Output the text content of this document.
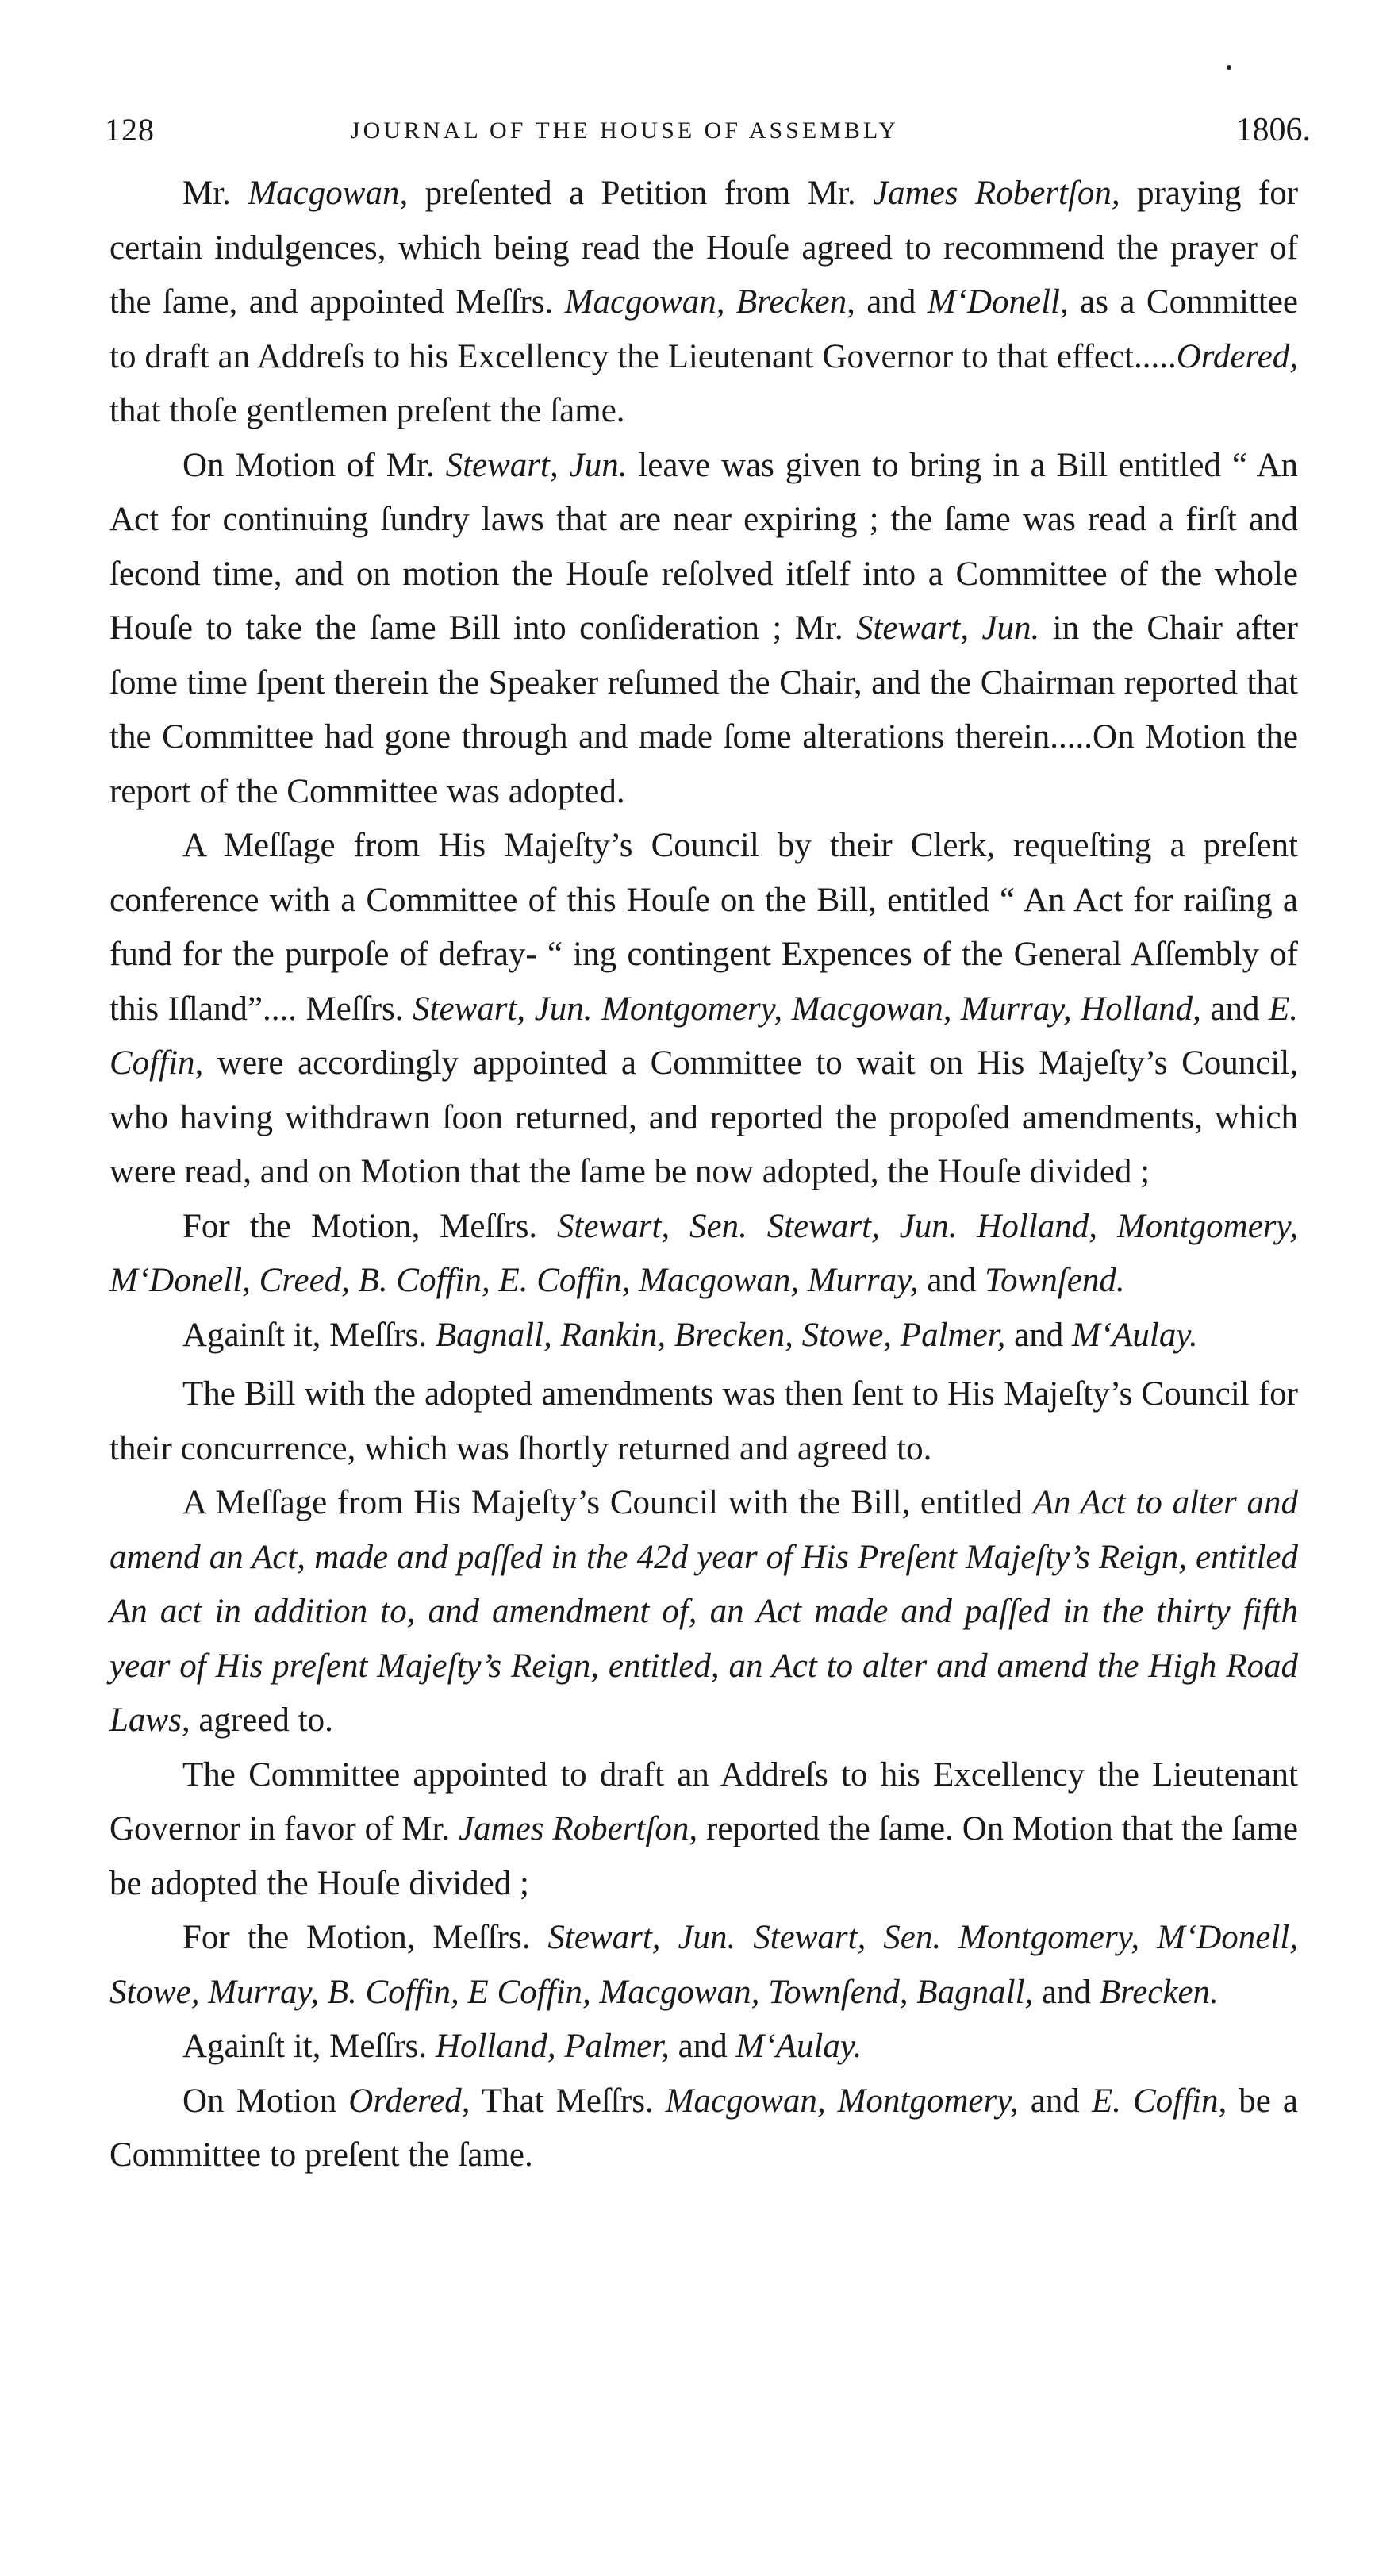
128	JOURNAL OF THE HOUSE OF ASSEMBLY	1806.

Mr. Macgowan, preſented a Petition from Mr. James Robertſon, praying for certain indulgences, which being read the Houſe agreed to recommend the prayer of the ſame, and appointed Meſſrs. Macgowan, Brecken, and M‘Donell, as a Committee to draft an Addreſs to his Excellency the Lieutenant Governor to that effect.....Ordered, that thoſe gentlemen preſent the ſame.

On Motion of Mr. Stewart, Jun. leave was given to bring in a Bill entitled “ An Act for continuing ſundry laws that are near expiring ; the ſame was read a firſt and ſecond time, and on motion the Houſe reſolved itſelf into a Committee of the whole Houſe to take the ſame Bill into conſideration ; Mr. Stewart, Jun. in the Chair after ſome time ſpent therein the Speaker reſumed the Chair, and the Chairman reported that the Committee had gone through and made ſome alterations therein.....On Motion the report of the Committee was adopted.

A Meſſage from His Majeſty’s Council by their Clerk, requeſting a preſent conference with a Committee of this Houſe on the Bill, entitled “ An Act for raiſing a fund for the purpoſe of defray- “ ing contingent Expences of the General Aſſembly of this Iſland”.... Meſſrs. Stewart, Jun. Montgomery, Macgowan, Murray, Holland, and E. Coffin, were accordingly appointed a Committee to wait on His Majeſty’s Council, who having withdrawn ſoon returned, and reported the propoſed amendments, which were read, and on Motion that the ſame be now adopted, the Houſe divided ;

For the Motion, Meſſrs. Stewart, Sen. Stewart, Jun. Holland, Montgomery, M‘Donell, Creed, B. Coffin, E. Coffin, Macgowan, Murray, and Townſend.

Againſt it, Meſſrs. Bagnall, Rankin, Brecken, Stowe, Palmer, and M‘Aulay.

The Bill with the adopted amendments was then ſent to His Majeſty’s Council for their concurrence, which was ſhortly returned and agreed to.

A Meſſage from His Majeſty’s Council with the Bill, entitled An Act to alter and amend an Act, made and paſſed in the 42d year of His Preſent Majeſty’s Reign, entitled An act in addition to, and amendment of, an Act made and paſſed in the thirty fifth year of His preſent Majeſty’s Reign, entitled, an Act to alter and amend the High Road Laws, agreed to.

The Committee appointed to draft an Addreſs to his Excellency the Lieutenant Governor in favor of Mr. James Robertſon, reported the ſame. On Motion that the ſame be adopted the Houſe divided ;

For the Motion, Meſſrs. Stewart, Jun. Stewart, Sen. Montgomery, M‘Donell, Stowe, Murray, B. Coffin, E Coffin, Macgowan, Townſend, Bagnall, and Brecken.

Againſt it, Meſſrs. Holland, Palmer, and M‘Aulay.

On Motion Ordered, That Meſſrs. Macgowan, Montgomery, and E. Coffin, be a Committee to preſent the ſame.
